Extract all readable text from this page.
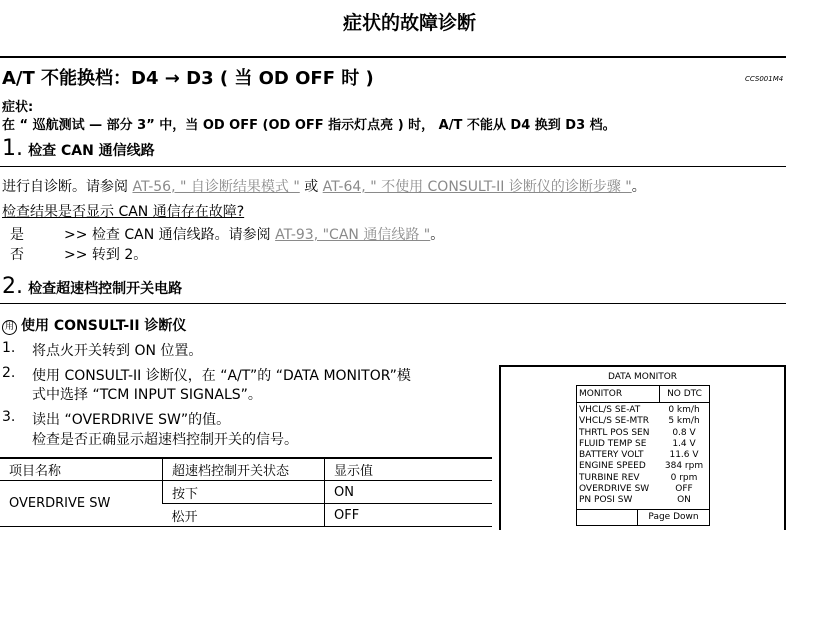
症状的故障诊断
A/T 不能换档：D4 → D3 ( 当 OD OFF 时 )	CCS001M4
症状:
在 “ 巡航测试 — 部分 3” 中，当 OD OFF (OD OFF 指示灯点亮 ) 时， A/T 不能从 D4 换到 D3 档。
1. 检查 CAN 通信线路
进行自诊断。请参阅 AT-56, " 自诊断结果模式 " 或 AT-64, " 不使用 CONSULT-II 诊断仪的诊断步骤 "。
检查结果是否显示 CAN 通信存在故障?
是	>> 检查 CAN 通信线路。请参阅 AT-93, "CAN 通信线路 "。
否	>> 转到 2。
2. 检查超速档控制开关电路
用 使用 CONSULT-II 诊断仪
1. 将点火开关转到 ON 位置。
2. 使用 CONSULT-II 诊断仪，在 “A/T”的 “DATA MONITOR”模
式中选择 “TCM INPUT SIGNALS”。
3. 读出 “OVERDRIVE SW”的值。
检查是否正确显示超速档控制开关的信号。
项目名称	超速档控制开关状态	显示值
OVERDRIVE SW	按下	ON
	松开	OFF
DATA MONITOR
MONITOR	NO DTC
VHCL/S SE-AT	0 km/h
VHCL/S SE-MTR	5 km/h
THRTL POS SEN	0.8 V
FLUID TEMP SE	1.4 V
BATTERY VOLT	11.6 V
ENGINE SPEED	384 rpm
TURBINE REV	0 rpm
OVERDRIVE SW	OFF
PN POSI SW	ON
Page Down
